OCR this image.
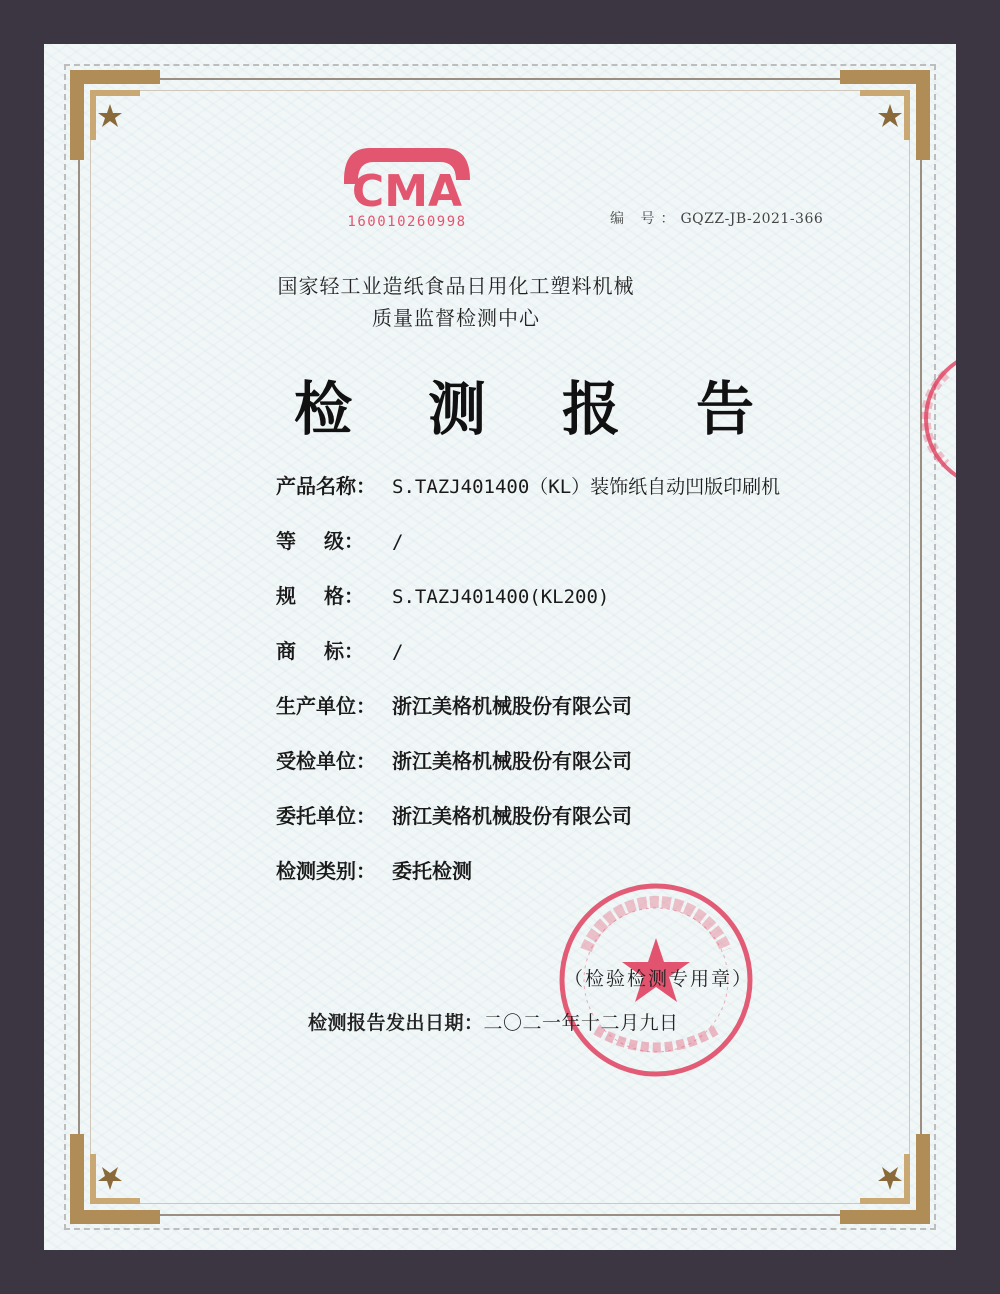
CMA
160010260998	编 号：GQZZ-JB-2021-366
国家轻工业造纸食品日用化工塑料机械
质量监督检测中心
检 测 报 告
产品名称： S.TAZJ401400（KL）装饰纸自动凹版印刷机
等 级： /
规 格： S.TAZJ401400(KL200)
商 标： /
生产单位： 浙江美格机械股份有限公司
受检单位： 浙江美格机械股份有限公司
委托单位： 浙江美格机械股份有限公司
检测类别： 委托检测
（检验检测专用章）
检测报告发出日期：二〇二一年十二月九日
